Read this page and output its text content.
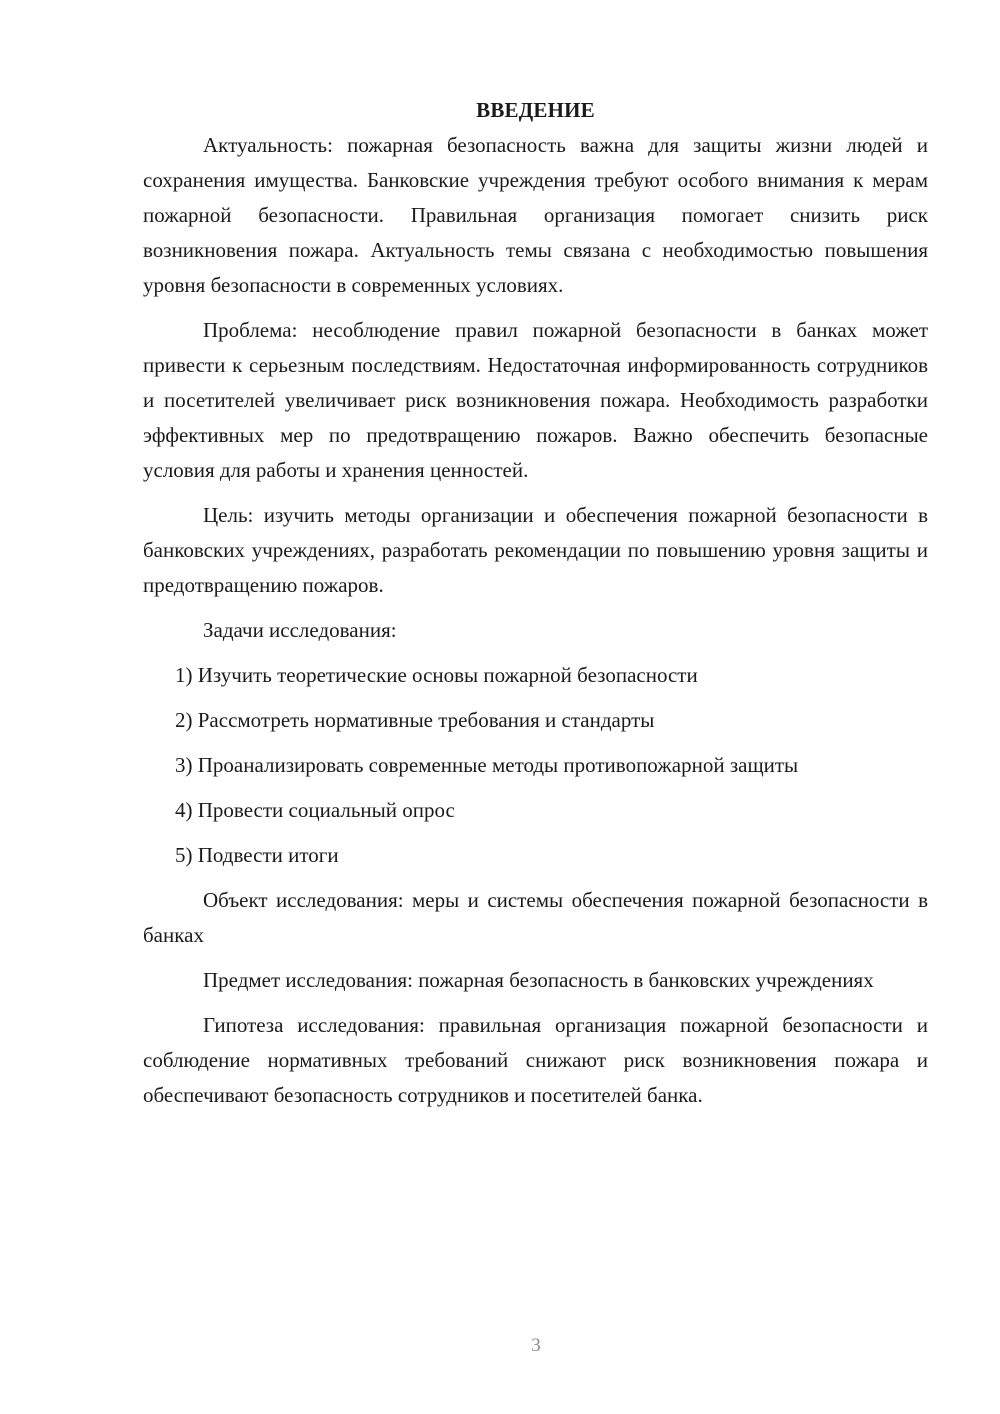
ВВЕДЕНИЕ

Актуальность: пожарная безопасность важна для защиты жизни людей и сохранения имущества. Банковские учреждения требуют особого внимания к мерам пожарной безопасности. Правильная организация помогает снизить риск возникновения пожара. Актуальность темы связана с необходимостью повышения уровня безопасности в современных условиях.

Проблема: несоблюдение правил пожарной безопасности в банках может привести к серьезным последствиям. Недостаточная информированность сотрудников и посетителей увеличивает риск возникновения пожара. Необходимость разработки эффективных мер по предотвращению пожаров. Важно обеспечить безопасные условия для работы и хранения ценностей.

Цель: изучить методы организации и обеспечения пожарной безопасности в банковских учреждениях, разработать рекомендации по повышению уровня защиты и предотвращению пожаров.

Задачи исследования:

1) Изучить теоретические основы пожарной безопасности
2) Рассмотреть нормативные требования и стандарты
3) Проанализировать современные методы противопожарной защиты
4) Провести социальный опрос
5) Подвести итоги

Объект исследования: меры и системы обеспечения пожарной безопасности в банках

Предмет исследования: пожарная безопасность в банковских учреждениях

Гипотеза исследования: правильная организация пожарной безопасности и соблюдение нормативных требований снижают риск возникновения пожара и обеспечивают безопасность сотрудников и посетителей банка.

3
